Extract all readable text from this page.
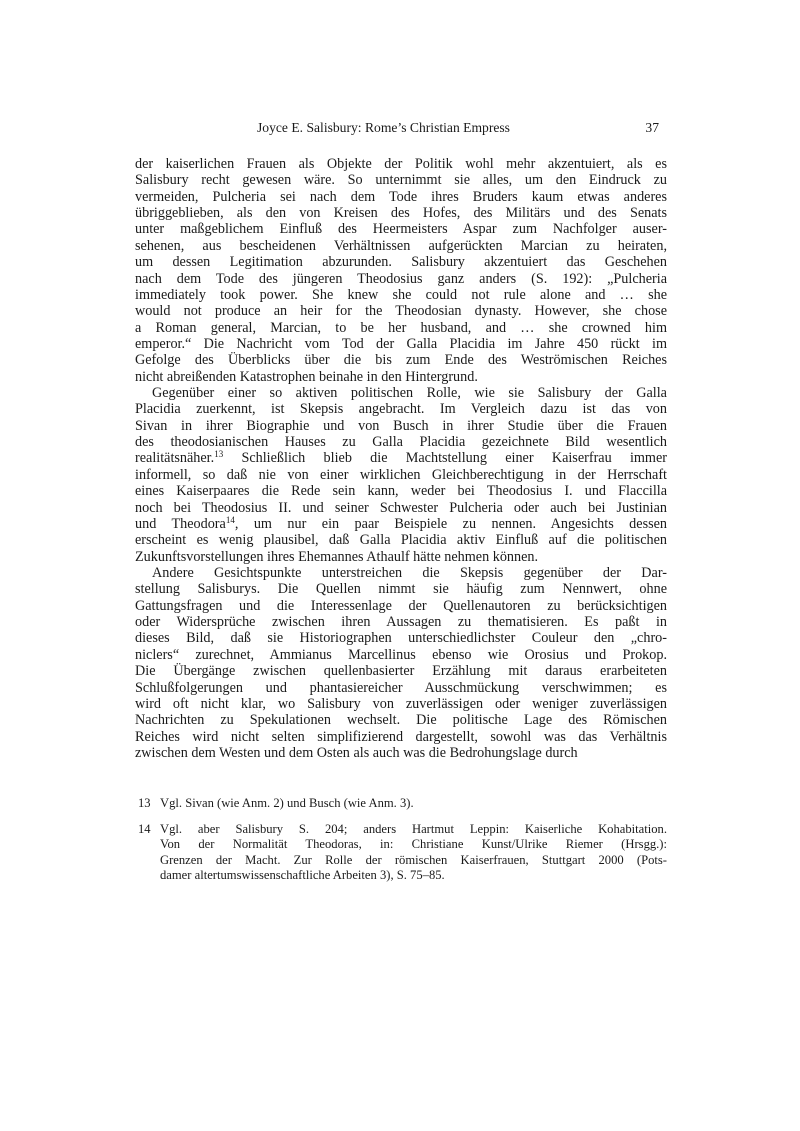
Joyce E. Salisbury: Rome’s Christian Empress	37
der kaiserlichen Frauen als Objekte der Politik wohl mehr akzentuiert, als es
Salisbury recht gewesen wäre. So unternimmt sie alles, um den Eindruck zu
vermeiden, Pulcheria sei nach dem Tode ihres Bruders kaum etwas anderes
übriggeblieben, als den von Kreisen des Hofes, des Militärs und des Senats
unter maßgeblichem Einfluß des Heermeisters Aspar zum Nachfolger auser-
sehenen, aus bescheidenen Verhältnissen aufgerückten Marcian zu heiraten,
um dessen Legitimation abzurunden. Salisbury akzentuiert das Geschehen
nach dem Tode des jüngeren Theodosius ganz anders (S. 192): „Pulcheria
immediately took power. She knew she could not rule alone and … she
would not produce an heir for the Theodosian dynasty. However, she chose
a Roman general, Marcian, to be her husband, and … she crowned him
emperor.“ Die Nachricht vom Tod der Galla Placidia im Jahre 450 rückt im
Gefolge des Überblicks über die bis zum Ende des Weströmischen Reiches
nicht abreißenden Katastrophen beinahe in den Hintergrund.
Gegenüber einer so aktiven politischen Rolle, wie sie Salisbury der Galla
Placidia zuerkennt, ist Skepsis angebracht. Im Vergleich dazu ist das von
Sivan in ihrer Biographie und von Busch in ihrer Studie über die Frauen
des theodosianischen Hauses zu Galla Placidia gezeichnete Bild wesentlich
realitätsnäher.$^{13}$ Schließlich blieb die Machtstellung einer Kaiserfrau immer
informell, so daß nie von einer wirklichen Gleichberechtigung in der Herrschaft
eines Kaiserpaares die Rede sein kann, weder bei Theodosius I. und Flaccilla
noch bei Theodosius II. und seiner Schwester Pulcheria oder auch bei Justinian
und Theodora$^{14}$, um nur ein paar Beispiele zu nennen. Angesichts dessen
erscheint es wenig plausibel, daß Galla Placidia aktiv Einfluß auf die politischen
Zukunftsvorstellungen ihres Ehemannes Athaulf hätte nehmen können.
Andere Gesichtspunkte unterstreichen die Skepsis gegenüber der Dar-
stellung Salisburys. Die Quellen nimmt sie häufig zum Nennwert, ohne
Gattungsfragen und die Interessenlage der Quellenautoren zu berücksichtigen
oder Widersprüche zwischen ihren Aussagen zu thematisieren. Es paßt in
dieses Bild, daß sie Historiographen unterschiedlichster Couleur den „chro-
niclers“ zurechnet, Ammianus Marcellinus ebenso wie Orosius und Prokop.
Die Übergänge zwischen quellenbasierter Erzählung mit daraus erarbeiteten
Schlußfolgerungen und phantasiereicher Ausschmückung verschwimmen; es
wird oft nicht klar, wo Salisbury von zuverlässigen oder weniger zuverlässigen
Nachrichten zu Spekulationen wechselt. Die politische Lage des Römischen
Reiches wird nicht selten simplifizierend dargestellt, sowohl was das Verhältnis
zwischen dem Westen und dem Osten als auch was die Bedrohungslage durch
13 Vgl. Sivan (wie Anm. 2) und Busch (wie Anm. 3).
14 Vgl. aber Salisbury S. 204; anders Hartmut Leppin: Kaiserliche Kohabitation.
Von der Normalität Theodoras, in: Christiane Kunst/Ulrike Riemer (Hrsgg.):
Grenzen der Macht. Zur Rolle der römischen Kaiserfrauen, Stuttgart 2000 (Pots-
damer altertumswissenschaftliche Arbeiten 3), S. 75–85.
